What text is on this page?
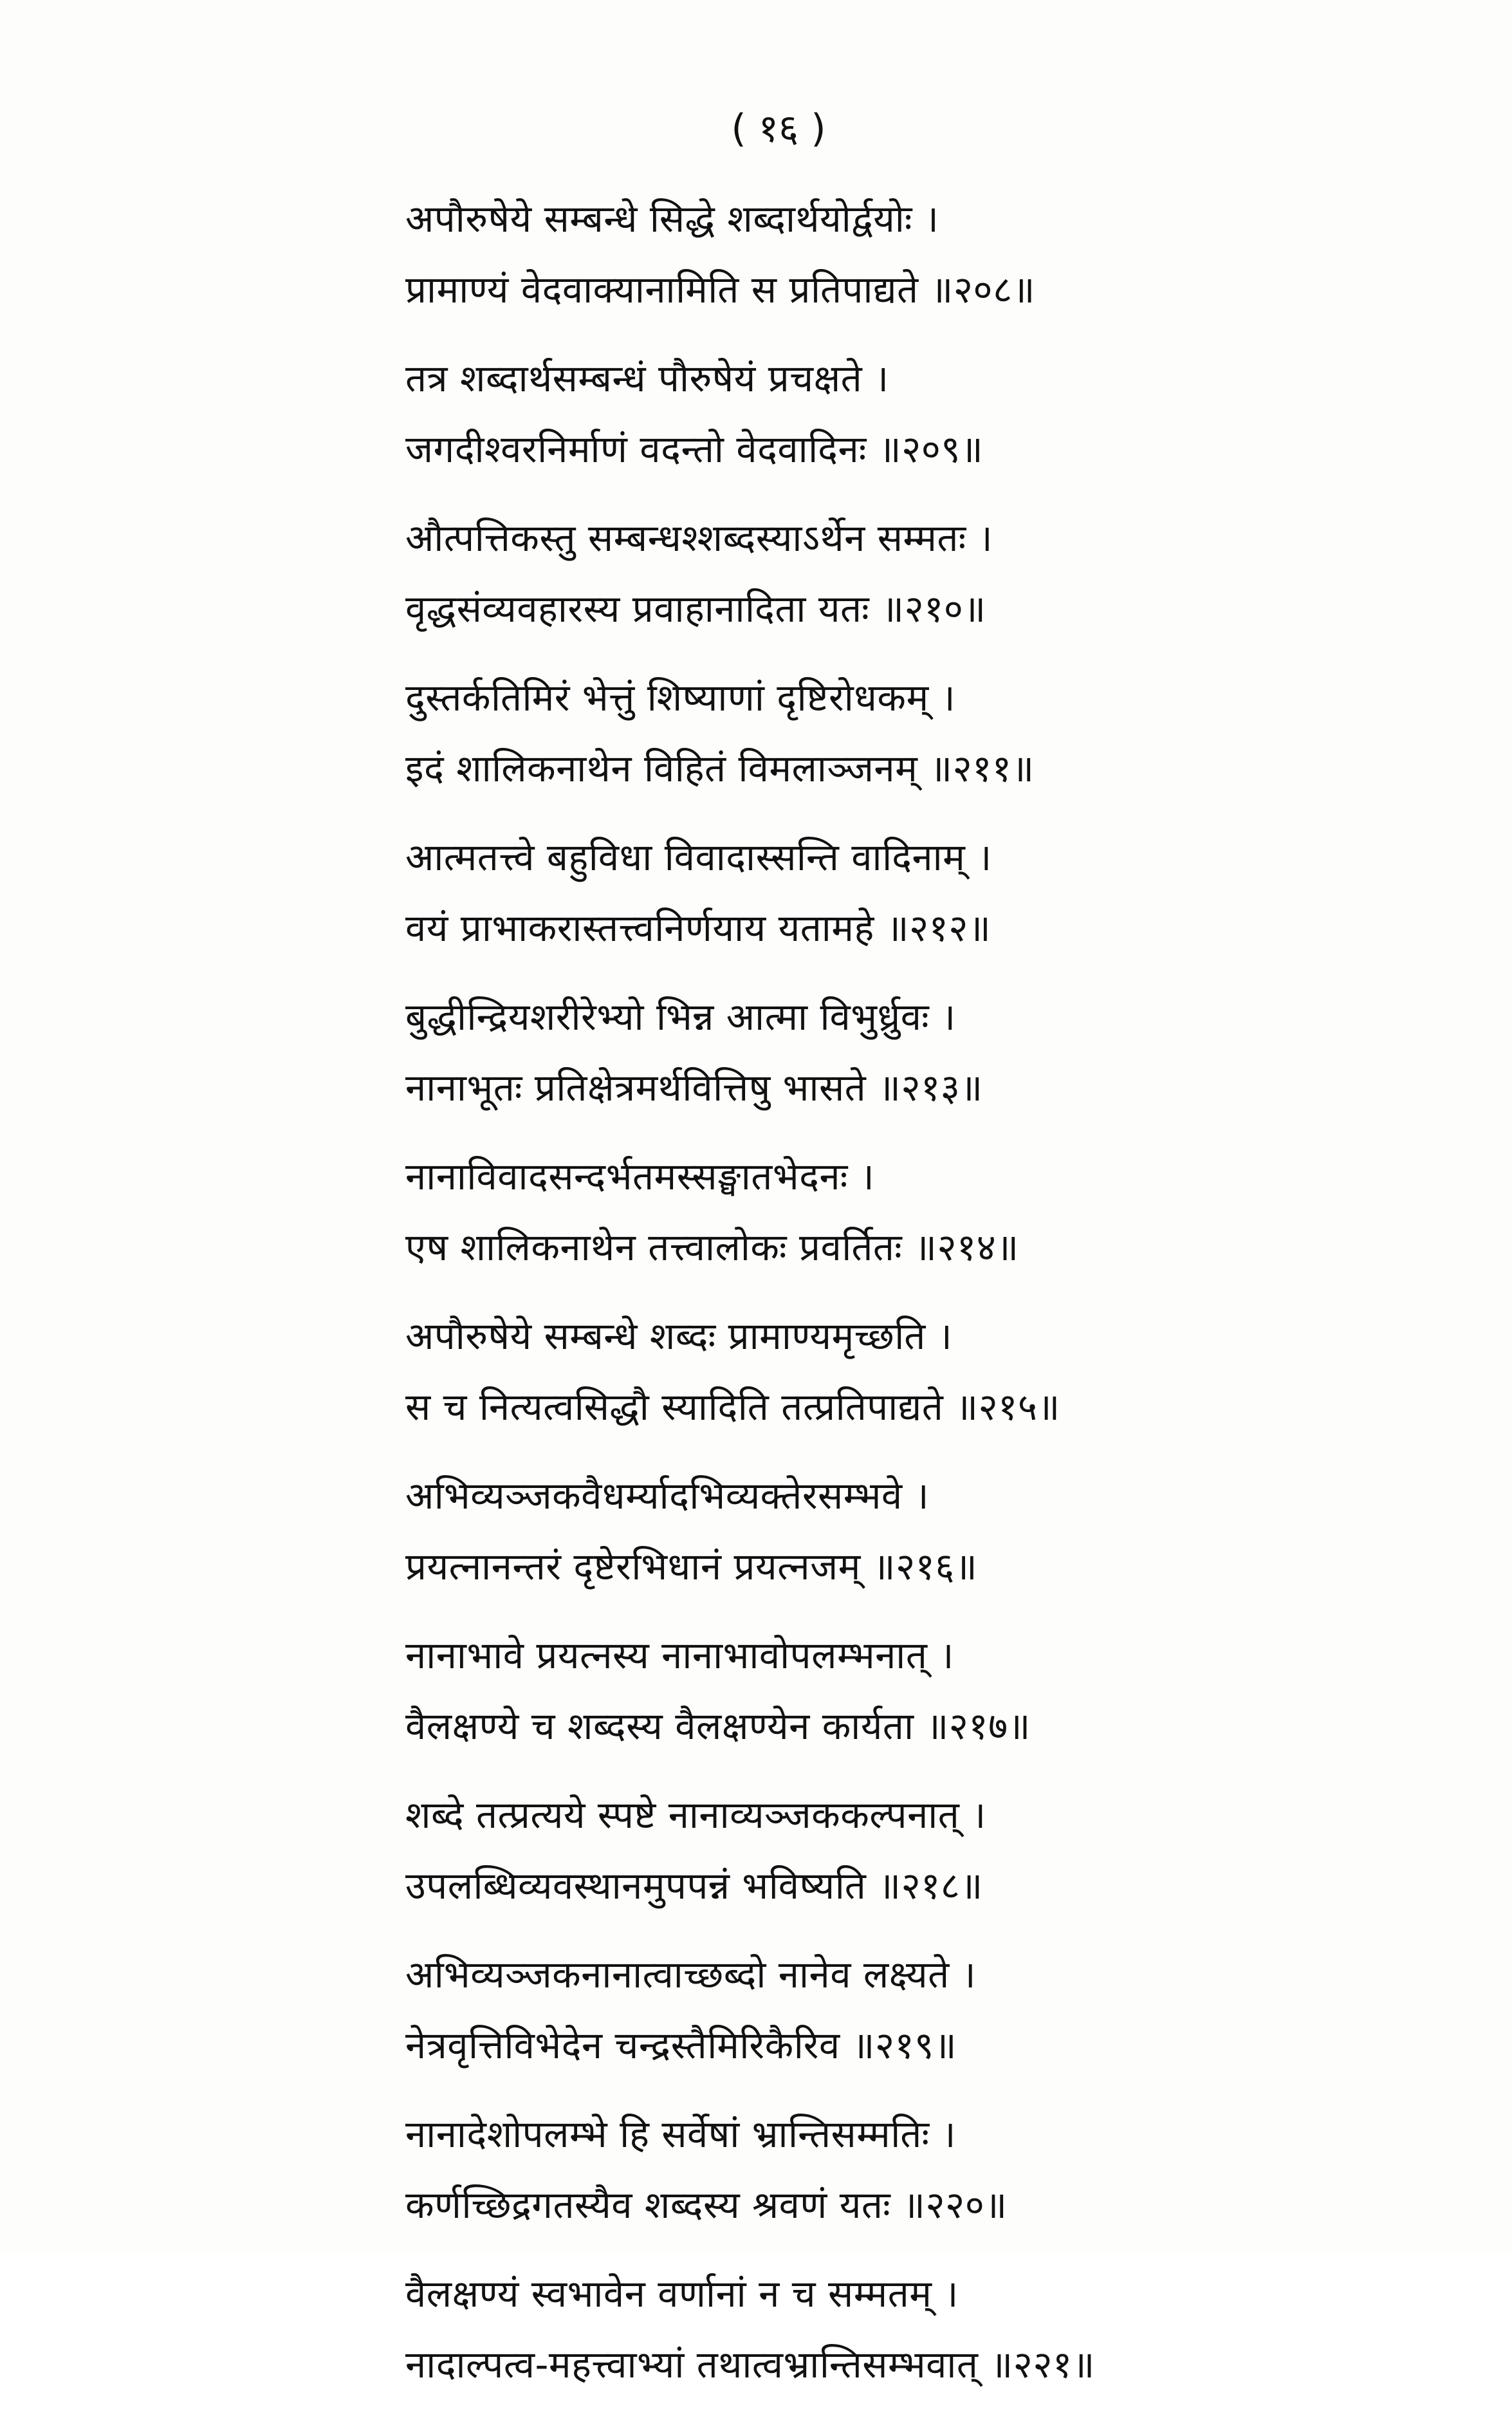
( १६ )
अपौरुषेये सम्बन्धे सिद्धे शब्दार्थयोर्द्वयोः ।
प्रामाण्यं वेदवाक्यानामिति स प्रतिपाद्यते ॥२०८॥
तत्र शब्दार्थसम्बन्धं पौरुषेयं प्रचक्षते ।
जगदीश्वरनिर्माणं वदन्तो वेदवादिनः ॥२०९॥
औत्पत्तिकस्तु सम्बन्धश्शब्दस्याऽर्थेन सम्मतः ।
वृद्धसंव्यवहारस्य प्रवाहानादिता यतः ॥२१०॥
दुस्तर्कतिमिरं भेत्तुं शिष्याणां दृष्टिरोधकम् ।
इदं शालिकनाथेन विहितं विमलाञ्जनम् ॥२११॥
आत्मतत्त्वे बहुविधा विवादास्सन्ति वादिनाम् ।
वयं प्राभाकरास्तत्त्वनिर्णयाय यतामहे ॥२१२॥
बुद्धीन्द्रियशरीरेभ्यो भिन्न आत्मा विभुर्ध्रुवः ।
नानाभूतः प्रतिक्षेत्रमर्थवित्तिषु भासते ॥२१३॥
नानाविवादसन्दर्भतमस्सङ्घातभेदनः ।
एष शालिकनाथेन तत्त्वालोकः प्रवर्तितः ॥२१४॥
अपौरुषेये सम्बन्धे शब्दः प्रामाण्यमृच्छति ।
स च नित्यत्वसिद्धौ स्यादिति तत्प्रतिपाद्यते ॥२१५॥
अभिव्यञ्जकवैधर्म्यादभिव्यक्तेरसम्भवे ।
प्रयत्नानन्तरं दृष्टेरभिधानं प्रयत्नजम् ॥२१६॥
नानाभावे प्रयत्नस्य नानाभावोपलम्भनात् ।
वैलक्षण्ये च शब्दस्य वैलक्षण्येन कार्यता ॥२१७॥
शब्दे तत्प्रत्यये स्पष्टे नानाव्यञ्जककल्पनात् ।
उपलब्धिव्यवस्थानमुपपन्नं भविष्यति ॥२१८॥
अभिव्यञ्जकनानात्वाच्छब्दो नानेव लक्ष्यते ।
नेत्रवृत्तिविभेदेन चन्द्रस्तैमिरिकैरिव ॥२१९॥
नानादेशोपलम्भे हि सर्वेषां भ्रान्तिसम्मतिः ।
कर्णच्छिद्रगतस्यैव शब्दस्य श्रवणं यतः ॥२२०॥
वैलक्षण्यं स्वभावेन वर्णानां न च सम्मतम् ।
नादाल्पत्व-महत्त्वाभ्यां तथात्वभ्रान्तिसम्भवात् ॥२२१॥
